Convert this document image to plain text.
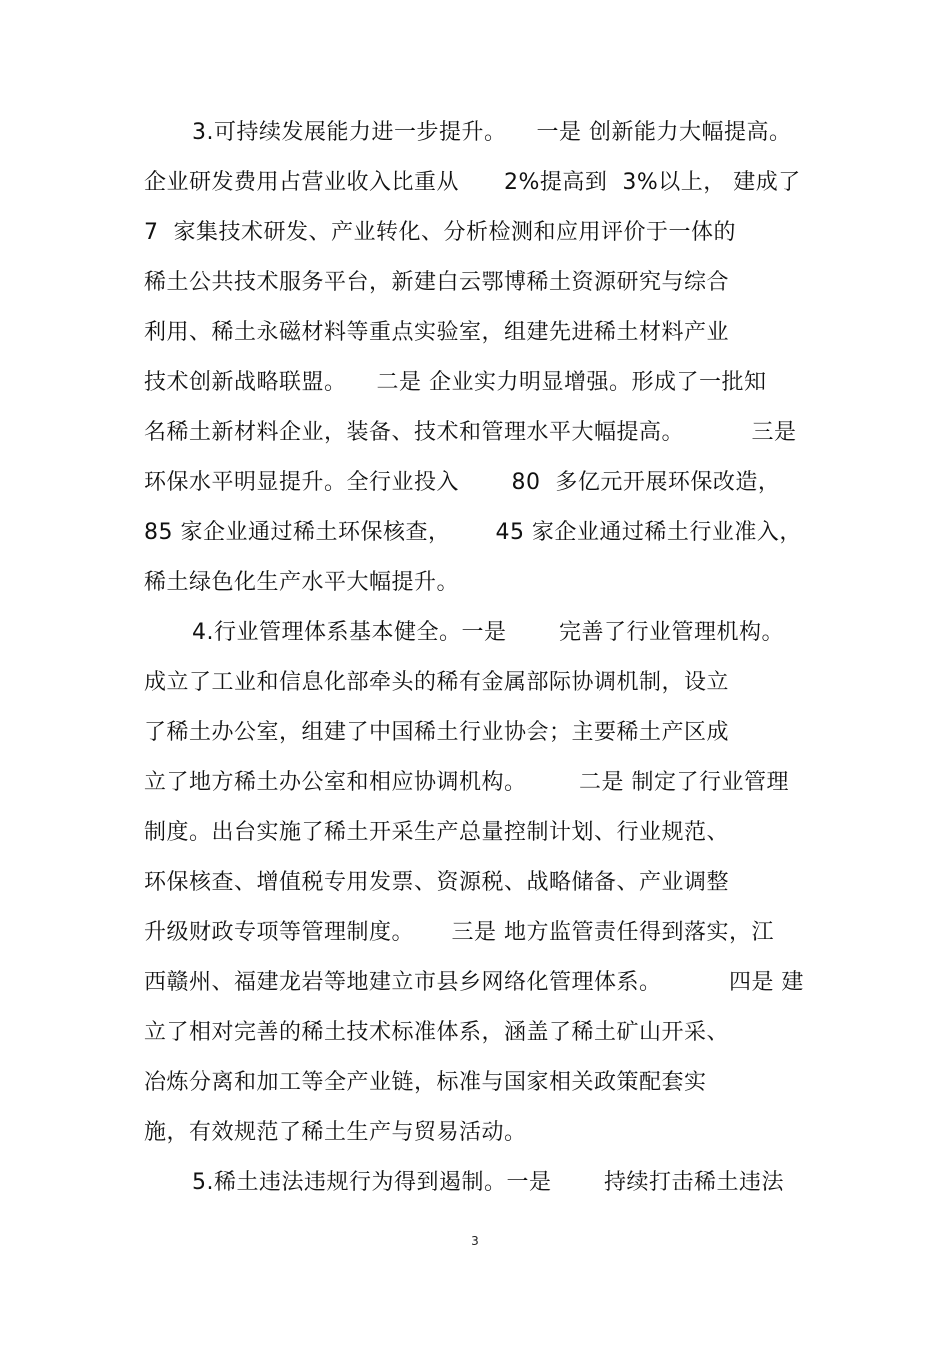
3.可持续发展能力进一步提升。    一是 创新能力大幅提高。
企业研发费用占营业收入比重从      2%提高到  3%以上， 建成了
7  家集技术研发、产业转化、分析检测和应用评价于一体的
稀土公共技术服务平台，新建白云鄂博稀土资源研究与综合
利用、稀土永磁材料等重点实验室，组建先进稀土材料产业
技术创新战略联盟。    二是 企业实力明显增强。形成了一批知
名稀土新材料企业，装备、技术和管理水平大幅提高。         三是
环保水平明显提升。全行业投入       80  多亿元开展环保改造，
85 家企业通过稀土环保核查，      45 家企业通过稀土行业准入，
稀土绿色化生产水平大幅提升。
4.行业管理体系基本健全。一是       完善了行业管理机构。
成立了工业和信息化部牵头的稀有金属部际协调机制，设立
了稀土办公室，组建了中国稀土行业协会；主要稀土产区成
立了地方稀土办公室和相应协调机构。       二是 制定了行业管理
制度。出台实施了稀土开采生产总量控制计划、行业规范、
环保核查、增值税专用发票、资源税、战略储备、产业调整
升级财政专项等管理制度。     三是 地方监管责任得到落实，江
西赣州、福建龙岩等地建立市县乡网络化管理体系。         四是 建
立了相对完善的稀土技术标准体系，涵盖了稀土矿山开采、
冶炼分离和加工等全产业链，标准与国家相关政策配套实
施，有效规范了稀土生产与贸易活动。
5.稀土违法违规行为得到遏制。一是       持续打击稀土违法
3
